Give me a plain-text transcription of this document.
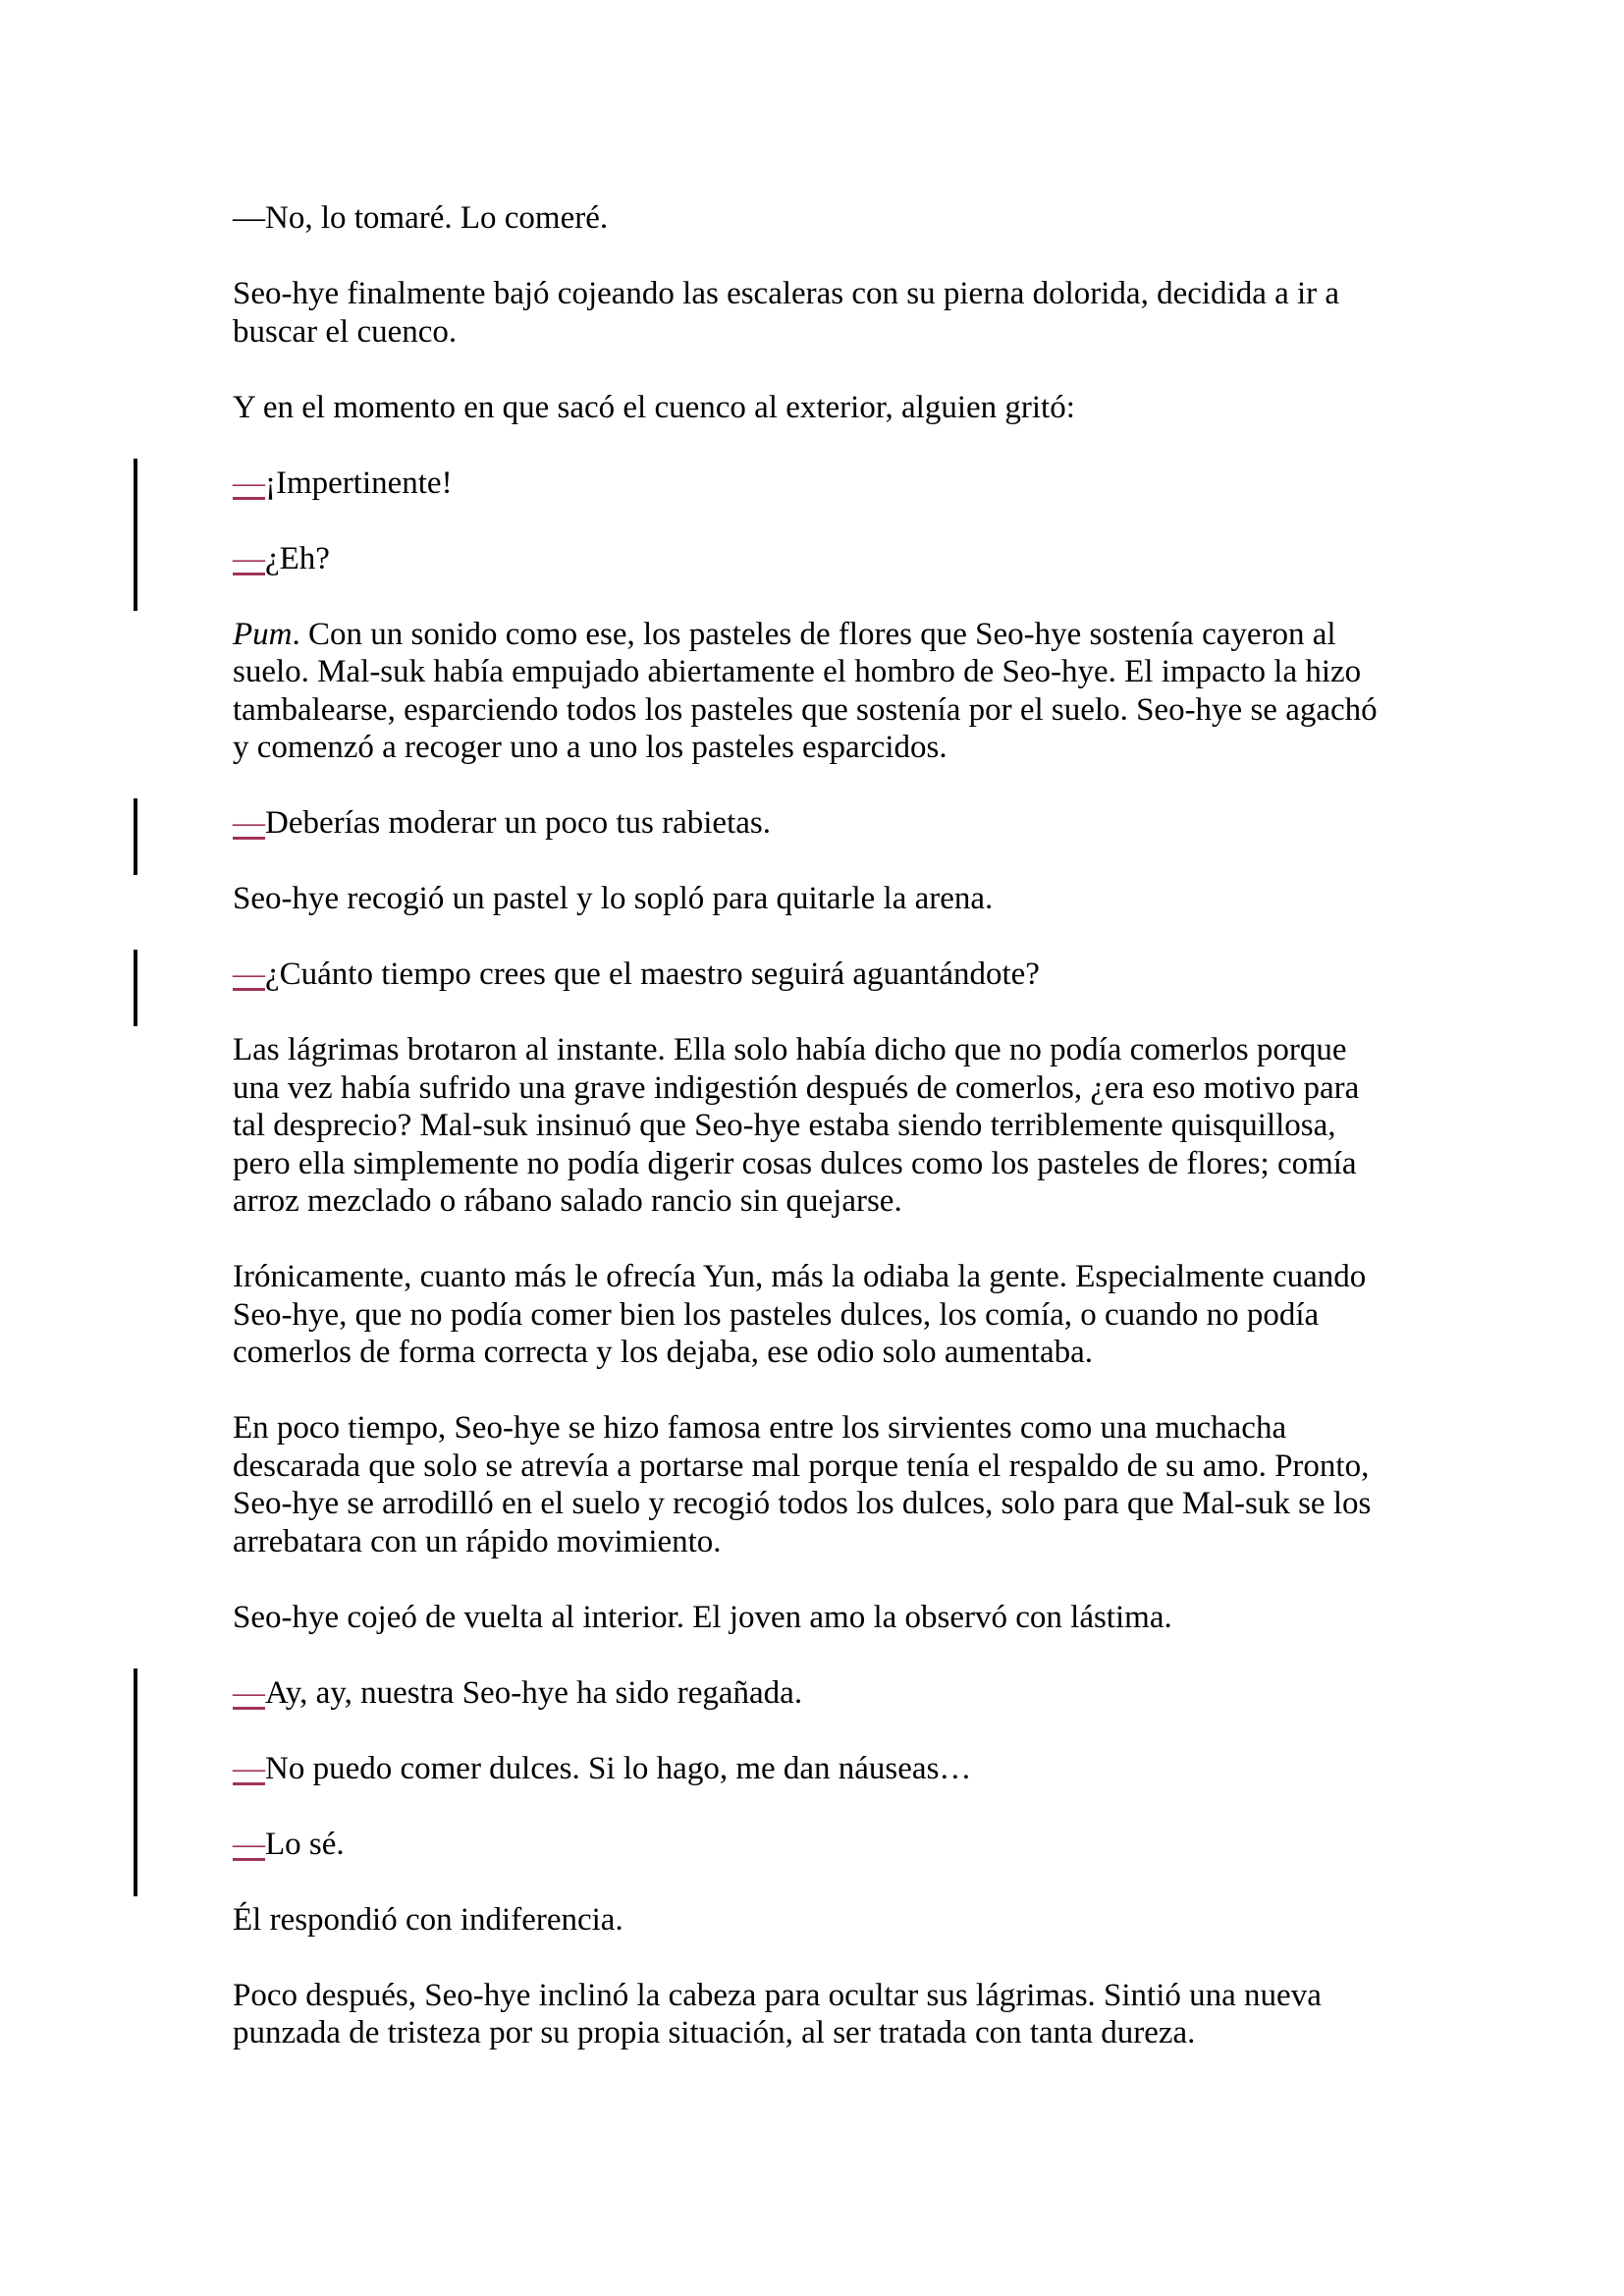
—No, lo tomaré. Lo comeré.

Seo-hye finalmente bajó cojeando las escaleras con su pierna dolorida, decidida a ir a buscar el cuenco.

Y en el momento en que sacó el cuenco al exterior, alguien gritó:

—¡Impertinente!

—¿Eh?

Pum. Con un sonido como ese, los pasteles de flores que Seo-hye sostenía cayeron al suelo. Mal-suk había empujado abiertamente el hombro de Seo-hye. El impacto la hizo tambalearse, esparciendo todos los pasteles que sostenía por el suelo. Seo-hye se agachó y comenzó a recoger uno a uno los pasteles esparcidos.

—Deberías moderar un poco tus rabietas.

Seo-hye recogió un pastel y lo sopló para quitarle la arena.

—¿Cuánto tiempo crees que el maestro seguirá aguantándote?

Las lágrimas brotaron al instante. Ella solo había dicho que no podía comerlos porque una vez había sufrido una grave indigestión después de comerlos, ¿era eso motivo para tal desprecio? Mal-suk insinuó que Seo-hye estaba siendo terriblemente quisquillosa, pero ella simplemente no podía digerir cosas dulces como los pasteles de flores; comía arroz mezclado o rábano salado rancio sin quejarse.

Irónicamente, cuanto más le ofrecía Yun, más la odiaba la gente. Especialmente cuando Seo-hye, que no podía comer bien los pasteles dulces, los comía, o cuando no podía comerlos de forma correcta y los dejaba, ese odio solo aumentaba.

En poco tiempo, Seo-hye se hizo famosa entre los sirvientes como una muchacha descarada que solo se atrevía a portarse mal porque tenía el respaldo de su amo. Pronto, Seo-hye se arrodilló en el suelo y recogió todos los dulces, solo para que Mal-suk se los arrebatara con un rápido movimiento.

Seo-hye cojeó de vuelta al interior. El joven amo la observó con lástima.

—Ay, ay, nuestra Seo-hye ha sido regañada.

—No puedo comer dulces. Si lo hago, me dan náuseas…

—Lo sé.

Él respondió con indiferencia.

Poco después, Seo-hye inclinó la cabeza para ocultar sus lágrimas. Sintió una nueva punzada de tristeza por su propia situación, al ser tratada con tanta dureza.
